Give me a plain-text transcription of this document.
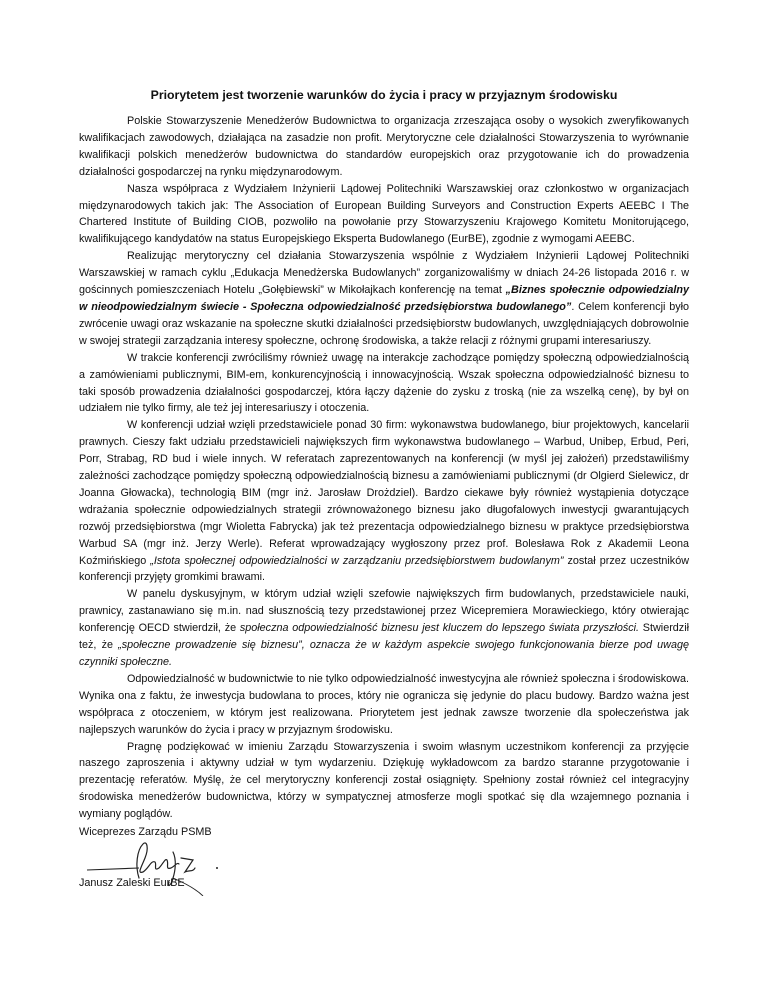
Priorytetem jest tworzenie warunków do życia i pracy w przyjaznym środowisku

Polskie Stowarzyszenie Menedżerów Budownictwa to organizacja zrzeszająca osoby o wysokich zweryfikowanych kwalifikacjach zawodowych, działająca na zasadzie non profit. Merytoryczne cele działalności Stowarzyszenia to wyrównanie kwalifikacji polskich menedżerów budownictwa do standardów europejskich oraz przygotowanie ich do prowadzenia działalności gospodarczej na rynku międzynarodowym.

Nasza współpraca z Wydziałem Inżynierii Lądowej Politechniki Warszawskiej oraz członkostwo w organizacjach międzynarodowych takich jak: The Association of European Building Surveyors and Construction Experts AEEBC I The Chartered Institute of Building CIOB, pozwoliło na powołanie przy Stowarzyszeniu Krajowego Komitetu Monitorującego, kwalifikującego kandydatów na status Europejskiego Eksperta Budowlanego (EurBE), zgodnie z wymogami AEEBC.

Realizując merytoryczny cel działania Stowarzyszenia wspólnie z Wydziałem Inżynierii Lądowej Politechniki Warszawskiej w ramach cyklu „Edukacja Menedżerska Budowlanych” zorganizowaliśmy w dniach 24-26 listopada 2016 r. w gościnnych pomieszczeniach Hotelu „Gołębiewski” w Mikołajkach konferencję na temat „Biznes społecznie odpowiedzialny w nieodpowiedzialnym świecie - Społeczna odpowiedzialność przedsiębiorstwa budowlanego”. Celem konferencji było zwrócenie uwagi oraz wskazanie na społeczne skutki działalności przedsiębiorstw budowlanych, uwzględniających dobrowolnie w swojej strategii zarządzania interesy społeczne, ochronę środowiska, a także relacji z różnymi grupami interesariuszy.

W trakcie konferencji zwróciliśmy również uwagę na interakcje zachodzące pomiędzy społeczną odpowiedzialnością a zamówieniami publicznymi, BIM-em, konkurencyjnością i innowacyjnością. Wszak społeczna odpowiedzialność biznesu to taki sposób prowadzenia działalności gospodarczej, która łączy dążenie do zysku z troską (nie za wszelką cenę), by był on udziałem nie tylko firmy, ale też jej interesariuszy i otoczenia.

W konferencji udział wzięli przedstawiciele ponad 30 firm: wykonawstwa budowlanego, biur projektowych, kancelarii prawnych. Cieszy fakt udziału przedstawicieli największych firm wykonawstwa budowlanego – Warbud, Unibep, Erbud, Peri, Porr, Strabag, RD bud i wiele innych. W referatach zaprezentowanych na konferencji (w myśl jej założeń) przedstawiliśmy zależności zachodzące pomiędzy społeczną odpowiedzialnością biznesu a zamówieniami publicznymi (dr Olgierd Sielewicz, dr Joanna Głowacka), technologią BIM (mgr inż. Jarosław Drożdziel). Bardzo ciekawe były również wystąpienia dotyczące wdrażania społecznie odpowiedzialnych strategii zrównoważonego biznesu jako długofalowych inwestycji gwarantujących rozwój przedsiębiorstwa (mgr Wioletta Fabrycka) jak też prezentacja odpowiedzialnego biznesu w praktyce przedsiębiorstwa Warbud SA (mgr inż. Jerzy Werle). Referat wprowadzający wygłoszony przez prof. Bolesława Rok z Akademii Leona Koźmińskiego „Istota społecznej odpowiedzialności w zarządzaniu przedsiębiorstwem budowlanym” został przez uczestników konferencji przyjęty gromkimi brawami.

W panelu dyskusyjnym, w którym udział wzięli szefowie największych firm budowlanych, przedstawiciele nauki, prawnicy, zastanawiano się m.in. nad słusznością tezy przedstawionej przez Wicepremiera Morawieckiego, który otwierając konferencję OECD stwierdził, że społeczna odpowiedzialność biznesu jest kluczem do lepszego świata przyszłości. Stwierdził też, że „społeczne prowadzenie się biznesu”, oznacza że w każdym aspekcie swojego funkcjonowania bierze pod uwagę czynniki społeczne.

Odpowiedzialność w budownictwie to nie tylko odpowiedzialność inwestycyjna ale również społeczna i środowiskowa. Wynika ona z faktu, że inwestycja budowlana to proces, który nie ogranicza się jedynie do placu budowy. Bardzo ważna jest współpraca z otoczeniem, w którym jest realizowana. Priorytetem jest jednak zawsze tworzenie dla społeczeństwa jak najlepszych warunków do życia i pracy w przyjaznym środowisku.

Pragnę podziękować w imieniu Zarządu Stowarzyszenia i swoim własnym uczestnikom konferencji za przyjęcie naszego zaproszenia i aktywny udział w tym wydarzeniu. Dziękuję wykładowcom za bardzo staranne przygotowanie i prezentację referatów. Myślę, że cel merytoryczny konferencji został osiągnięty. Spełniony został również cel integracyjny środowiska menedżerów budownictwa, którzy w sympatycznej atmosferze mogli spotkać się dla wzajemnego poznania i wymiany poglądów.

Wiceprezes Zarządu PSMB
Janusz Zaleski EurBE
